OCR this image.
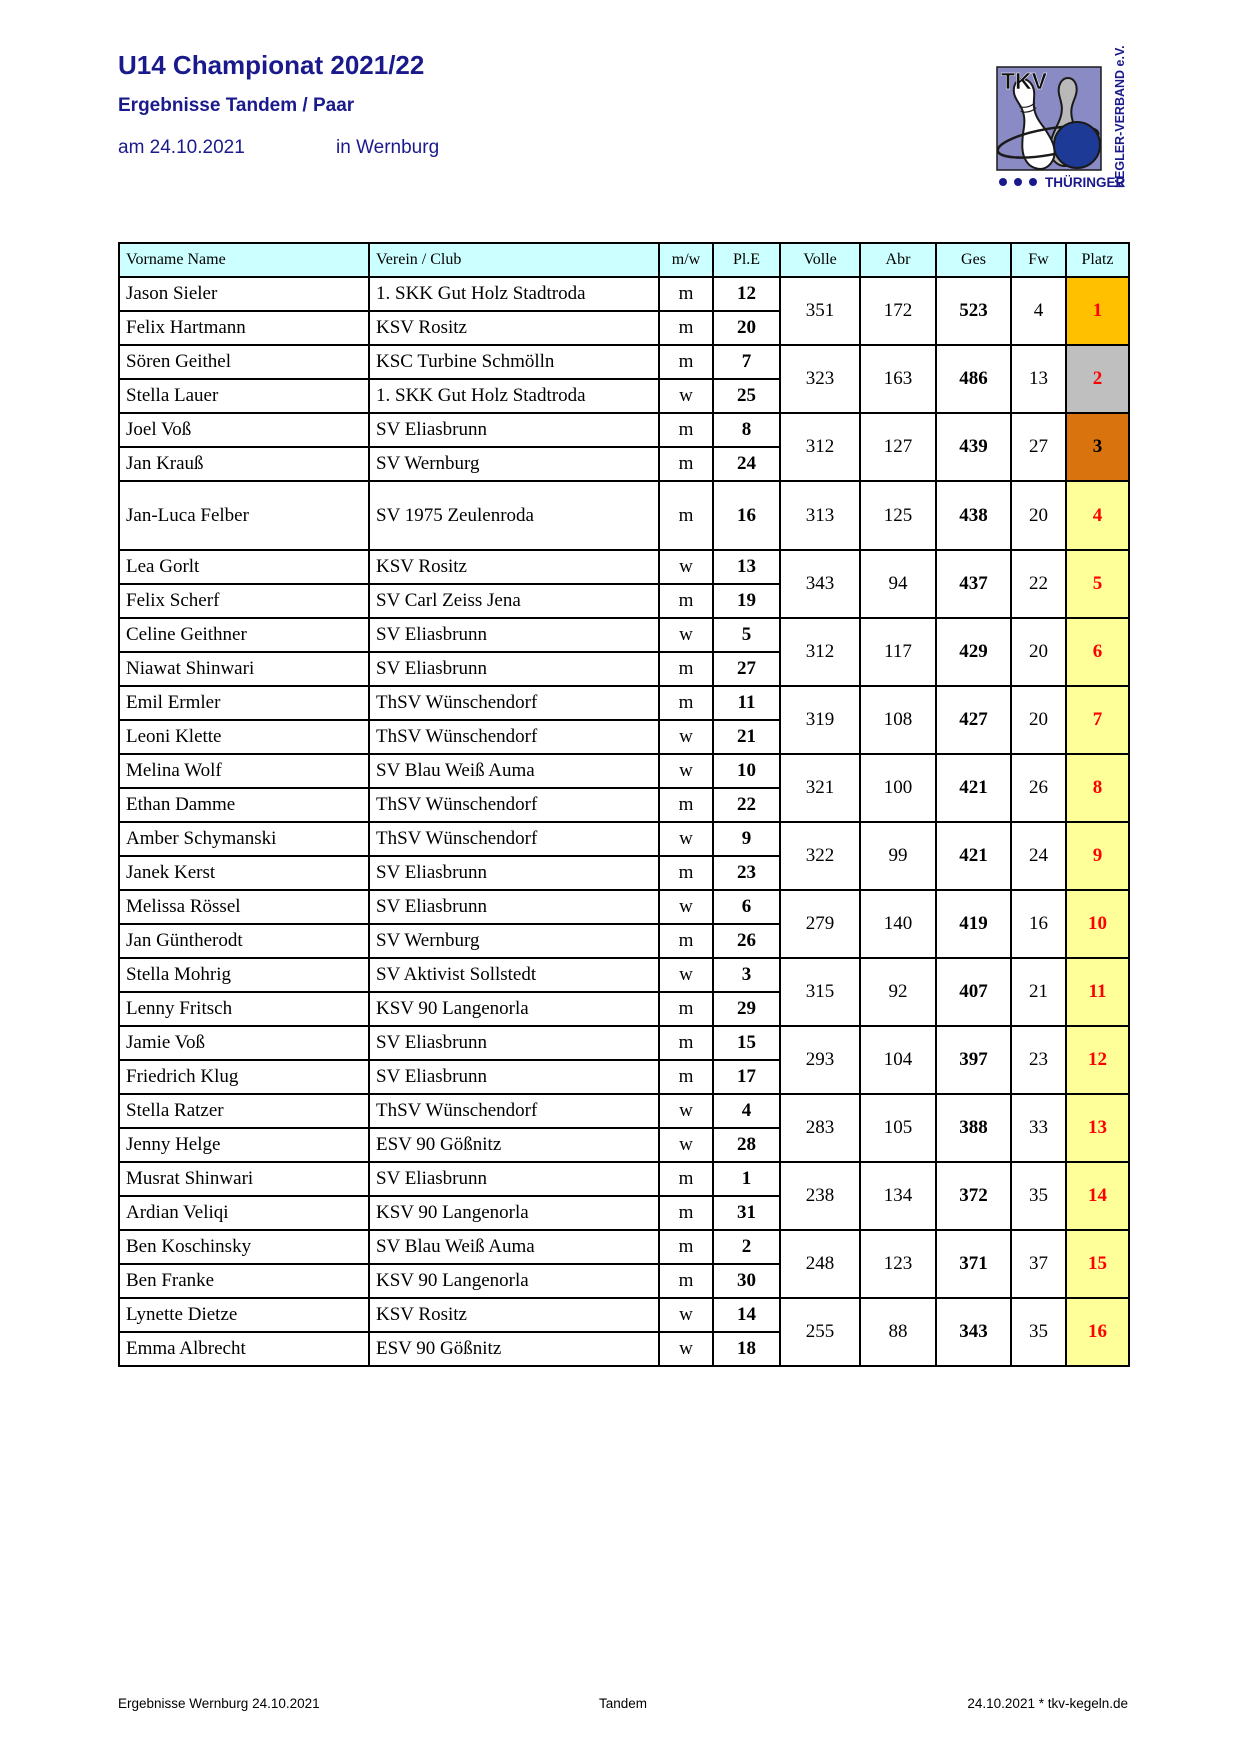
U14 Championat 2021/22
Ergebnisse Tandem / Paar
am 24.10.2021	in Wernburg
TKV
THÜRINGER
KEGLER-VERBAND e.V.
Vorname Name	Verein / Club	m/w	Pl.E	Volle	Abr	Ges	Fw	Platz
Jason Sieler	1. SKK Gut Holz Stadtroda	m	12	351	172	523	4	1
Felix Hartmann	KSV Rositz	m	20					
Sören Geithel	KSC Turbine Schmölln	m	7	323	163	486	13	2
Stella Lauer	1. SKK Gut Holz Stadtroda	w	25					
Joel Voß	SV Eliasbrunn	m	8	312	127	439	27	3
Jan Krauß	SV Wernburg	m	24					
Jan-Luca Felber	SV 1975 Zeulenroda	m	16	313	125	438	20	4
Lea Gorlt	KSV Rositz	w	13	343	94	437	22	5
Felix Scherf	SV Carl Zeiss Jena	m	19					
Celine Geithner	SV Eliasbrunn	w	5	312	117	429	20	6
Niawat Shinwari	SV Eliasbrunn	m	27					
Emil Ermler	ThSV Wünschendorf	m	11	319	108	427	20	7
Leoni Klette	ThSV Wünschendorf	w	21					
Melina Wolf	SV Blau Weiß Auma	w	10	321	100	421	26	8
Ethan Damme	ThSV Wünschendorf	m	22					
Amber Schymanski	ThSV Wünschendorf	w	9	322	99	421	24	9
Janek Kerst	SV Eliasbrunn	m	23					
Melissa Rössel	SV Eliasbrunn	w	6	279	140	419	16	10
Jan Güntherodt	SV Wernburg	m	26					
Stella Mohrig	SV Aktivist Sollstedt	w	3	315	92	407	21	11
Lenny Fritsch	KSV 90 Langenorla	m	29					
Jamie Voß	SV Eliasbrunn	m	15	293	104	397	23	12
Friedrich Klug	SV Eliasbrunn	m	17					
Stella Ratzer	ThSV Wünschendorf	w	4	283	105	388	33	13
Jenny Helge	ESV 90 Gößnitz	w	28					
Musrat Shinwari	SV Eliasbrunn	m	1	238	134	372	35	14
Ardian Veliqi	KSV 90 Langenorla	m	31					
Ben Koschinsky	SV Blau Weiß Auma	m	2	248	123	371	37	15
Ben Franke	KSV 90 Langenorla	m	30					
Lynette Dietze	KSV Rositz	w	14	255	88	343	35	16
Emma Albrecht	ESV 90 Gößnitz	w	18					
Ergebnisse Wernburg 24.10.2021	Tandem	24.10.2021 * tkv-kegeln.de
